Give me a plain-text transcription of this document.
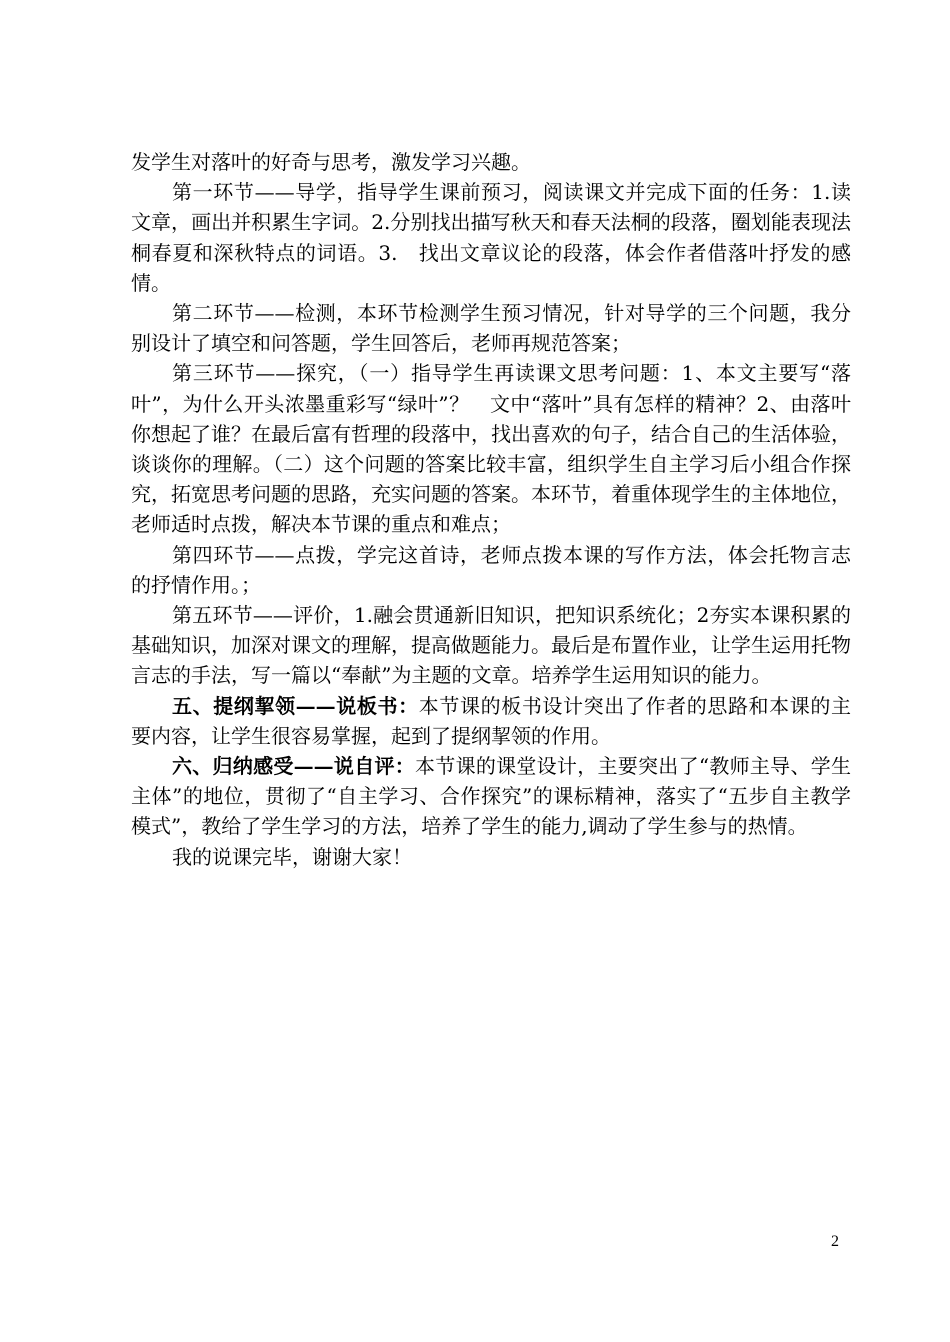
发学生对落叶的好奇与思考，激发学习兴趣。

第一环节——导学，指导学生课前预习，阅读课文并完成下面的任务：1.读文章，画出并积累生字词。2.分别找出描写秋天和春天法桐的段落，圈划能表现法桐春夏和深秋特点的词语。3.　找出文章议论的段落，体会作者借落叶抒发的感情。

第二环节——检测，本环节检测学生预习情况，针对导学的三个问题，我分别设计了填空和问答题，学生回答后，老师再规范答案；

第三环节——探究，（一）指导学生再读课文思考问题：1、本文主要写“落叶”，为什么开头浓墨重彩写“绿叶”？　文中“落叶”具有怎样的精神？2、由落叶你想起了谁？在最后富有哲理的段落中，找出喜欢的句子，结合自己的生活体验，谈谈你的理解。（二）这个问题的答案比较丰富，组织学生自主学习后小组合作探究，拓宽思考问题的思路，充实问题的答案。本环节，着重体现学生的主体地位，老师适时点拨，解决本节课的重点和难点；

第四环节——点拨，学完这首诗，老师点拨本课的写作方法，体会托物言志的抒情作用。；

第五环节——评价，1.融会贯通新旧知识，把知识系统化；2夯实本课积累的基础知识，加深对课文的理解，提高做题能力。最后是布置作业，让学生运用托物言志的手法，写一篇以“奉献”为主题的文章。培养学生运用知识的能力。

五、提纲挈领——说板书：本节课的板书设计突出了作者的思路和本课的主要内容，让学生很容易掌握，起到了提纲挈领的作用。

六、归纳感受——说自评：本节课的课堂设计，主要突出了“教师主导、学生主体”的地位，贯彻了“自主学习、合作探究”的课标精神，落实了“五步自主教学模式”，教给了学生学习的方法，培养了学生的能力,调动了学生参与的热情。

我的说课完毕，谢谢大家！

2
